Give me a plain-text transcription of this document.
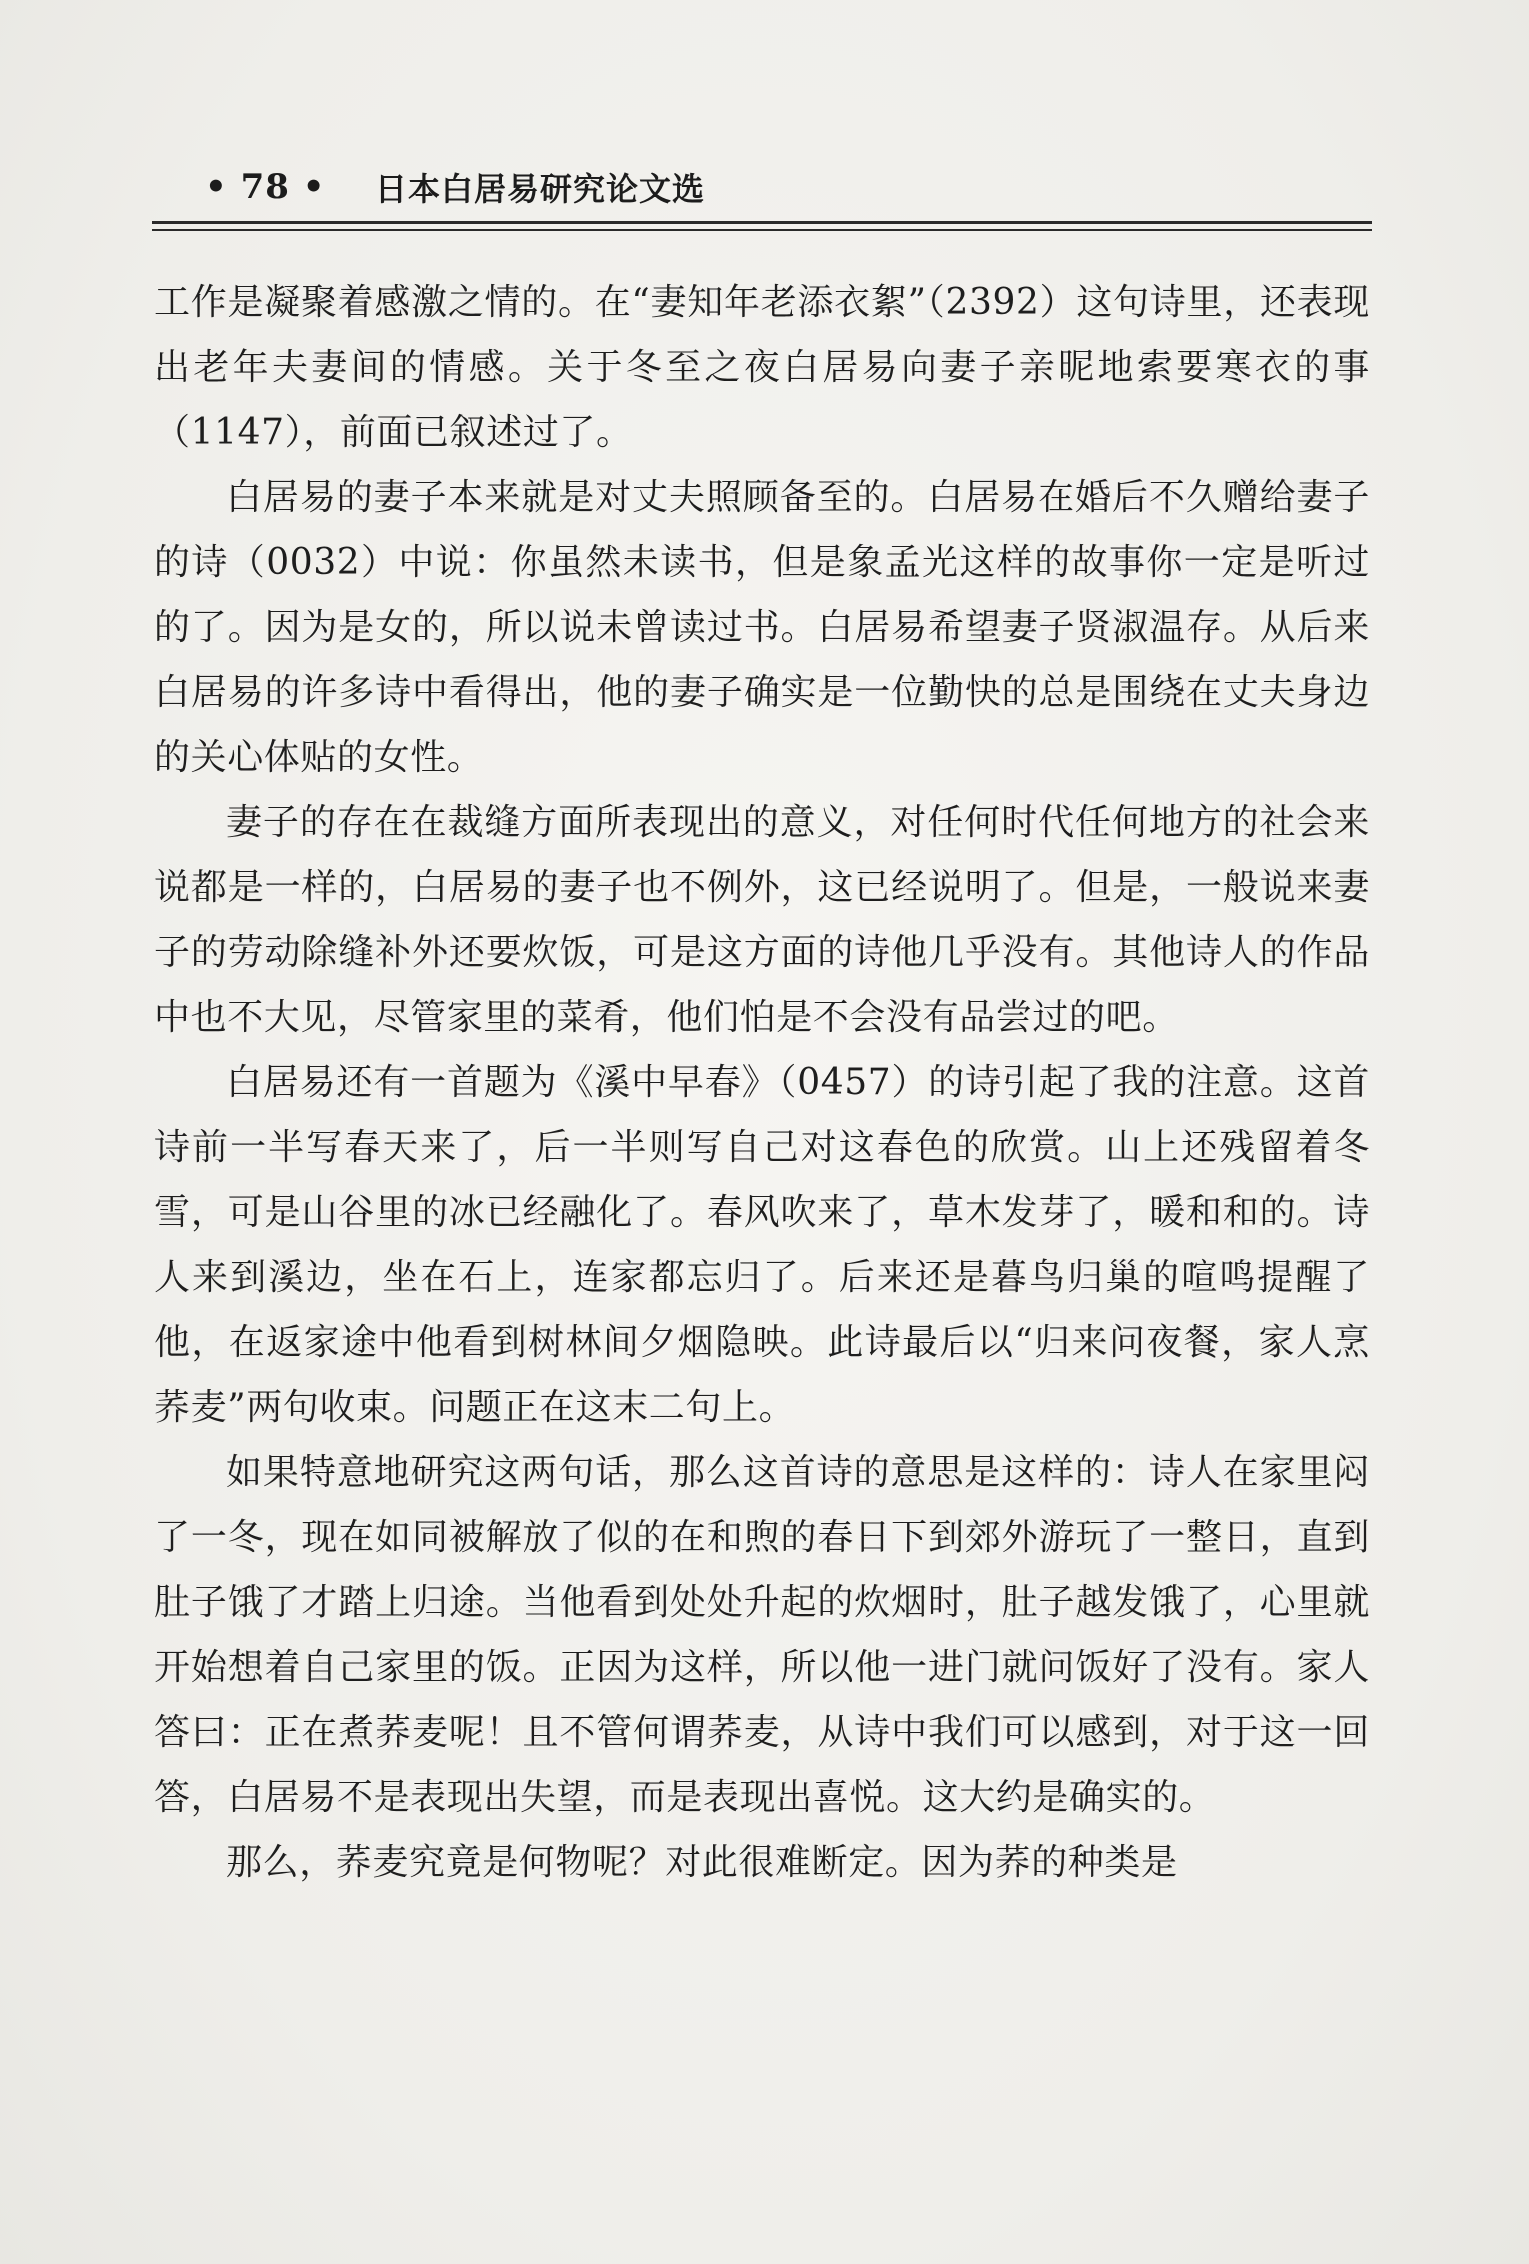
• 78 •	日本白居易研究论文选

工作是凝聚着感激之情的。在“妻知年老添衣絮”（2392）这句诗里，还表现出老年夫妻间的情感。关于冬至之夜白居易向妻子亲昵地索要寒衣的事（1147），前面已叙述过了。

白居易的妻子本来就是对丈夫照顾备至的。白居易在婚后不久赠给妻子的诗（0032）中说：你虽然未读书，但是象孟光这样的故事你一定是听过的了。因为是女的，所以说未曾读过书。白居易希望妻子贤淑温存。从后来白居易的许多诗中看得出，他的妻子确实是一位勤快的总是围绕在丈夫身边的关心体贴的女性。

妻子的存在在裁缝方面所表现出的意义，对任何时代任何地方的社会来说都是一样的，白居易的妻子也不例外，这已经说明了。但是，一般说来妻子的劳动除缝补外还要炊饭，可是这方面的诗他几乎没有。其他诗人的作品中也不大见，尽管家里的菜肴，他们怕是不会没有品尝过的吧。

白居易还有一首题为《溪中早春》（0457）的诗引起了我的注意。这首诗前一半写春天来了，后一半则写自己对这春色的欣赏。山上还残留着冬雪，可是山谷里的冰已经融化了。春风吹来了，草木发芽了，暖和和的。诗人来到溪边，坐在石上，连家都忘归了。后来还是暮鸟归巢的喧鸣提醒了他，在返家途中他看到树林间夕烟隐映。此诗最后以“归来问夜餐，家人烹荞麦”两句收束。问题正在这末二句上。

如果特意地研究这两句话，那么这首诗的意思是这样的：诗人在家里闷了一冬，现在如同被解放了似的在和煦的春日下到郊外游玩了一整日，直到肚子饿了才踏上归途。当他看到处处升起的炊烟时，肚子越发饿了，心里就开始想着自己家里的饭。正因为这样，所以他一进门就问饭好了没有。家人答曰：正在煮荞麦呢！且不管何谓荞麦，从诗中我们可以感到，对于这一回答，白居易不是表现出失望，而是表现出喜悦。这大约是确实的。

那么，荞麦究竟是何物呢？对此很难断定。因为荞的种类是
